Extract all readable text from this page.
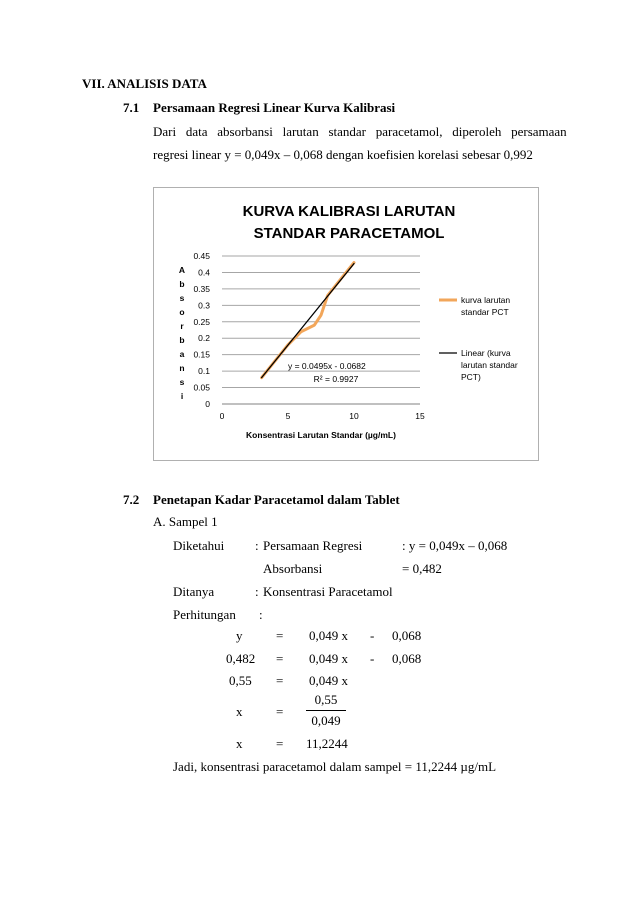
VII. ANALISIS DATA
7.1 Persamaan Regresi Linear Kurva Kalibrasi
Dari   data   absorbansi   larutan   standar   paracetamol,   diperoleh   persamaan
regresi linear y = 0,049x – 0,068 dengan koefisien korelasi sebesar 0,992
KURVA KALIBRASI LARUTAN
STANDAR PARACETAMOL
0
0.05
0.1
0.15
0.2
0.25
0.3
0.35
0.4
0.45
0	5	10	15
Konsentrasi Larutan Standar (µg/mL)
A
b
s
o
r
b
a
n
s
i
y = 0.0495x - 0.0682
R² = 0.9927
kurva larutan
standar PCT
Linear (kurva
larutan standar
PCT)
7.2 Penetapan Kadar Paracetamol dalam Tablet
A. Sampel 1
Diketahui : Persamaan Regresi	: y = 0,049x – 0,068
Absorbansi	= 0,482
Ditanya	: Konsentrasi Paracetamol
Perhitungan :
y	= 0,049 x - 0,068
0,482 = 0,049 x - 0,068
0,55 = 0,049 x
x	= $\frac{0,55}{0,049}$
x	= 11,2244
Jadi, konsentrasi paracetamol dalam sampel = 11,2244 µg/mL
